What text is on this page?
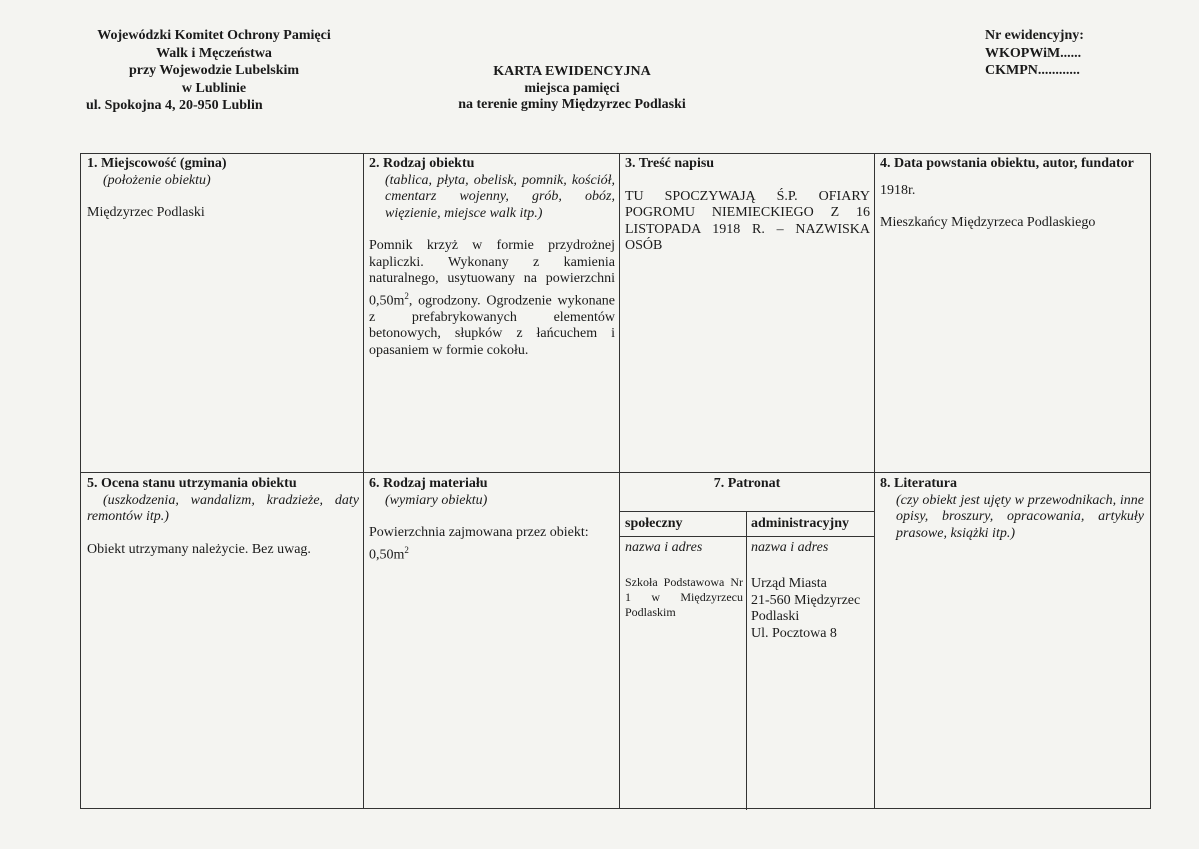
Wojewódzki Komitet Ochrony Pamięci
Walk i Męczeństwa
przy Wojewodzie Lubelskim
w Lublinie
ul. Spokojna 4, 20-950 Lublin
KARTA EWIDENCYJNA
miejsca pamięci
na terenie gminy Międzyrzec Podlaski
Nr ewidencyjny:
WKOPWiM......
CKMPN............
1. Miejscowość (gmina)
(położenie obiektu)
Międzyrzec Podlaski
2. Rodzaj obiektu
(tablica, płyta, obelisk, pomnik, kościół, cmentarz wojenny, grób, obóz, więzienie, miejsce walk itp.)
Pomnik krzyż w formie przydrożnej kapliczki. Wykonany z kamienia naturalnego, usytuowany na powierzchni $0,50m^2$, ogrodzony. Ogrodzenie wykonane z prefabrykowanych elementów betonowych, słupków z łańcuchem i opasaniem w formie cokołu.
3. Treść napisu
TU SPOCZYWAJĄ Ś.P. OFIARY POGROMU NIEMIECKIEGO Z 16 LISTOPADA 1918 R. – NAZWISKA OSÓB
4. Data powstania obiektu, autor, fundator
1918r.
Mieszkańcy Międzyrzeca Podlaskiego
5. Ocena stanu utrzymania obiektu
(uszkodzenia, wandalizm, kradzieże, daty remontów itp.)
Obiekt utrzymany należycie. Bez uwag.
6. Rodzaj materiału
(wymiary obiektu)
Powierzchnia zajmowana przez obiekt: $0,50m^2$
7. Patronat
społeczny	administracyjny
nazwa i adres	nazwa i adres
Szkoła Podstawowa Nr 1 w Międzyrzecu Podlaskim
Urząd Miasta
21-560 Międzyrzec
Podlaski
Ul. Pocztowa 8
8. Literatura
(czy obiekt jest ujęty w przewodnikach, inne opisy, broszury, opracowania, artykuły prasowe, książki itp.)
